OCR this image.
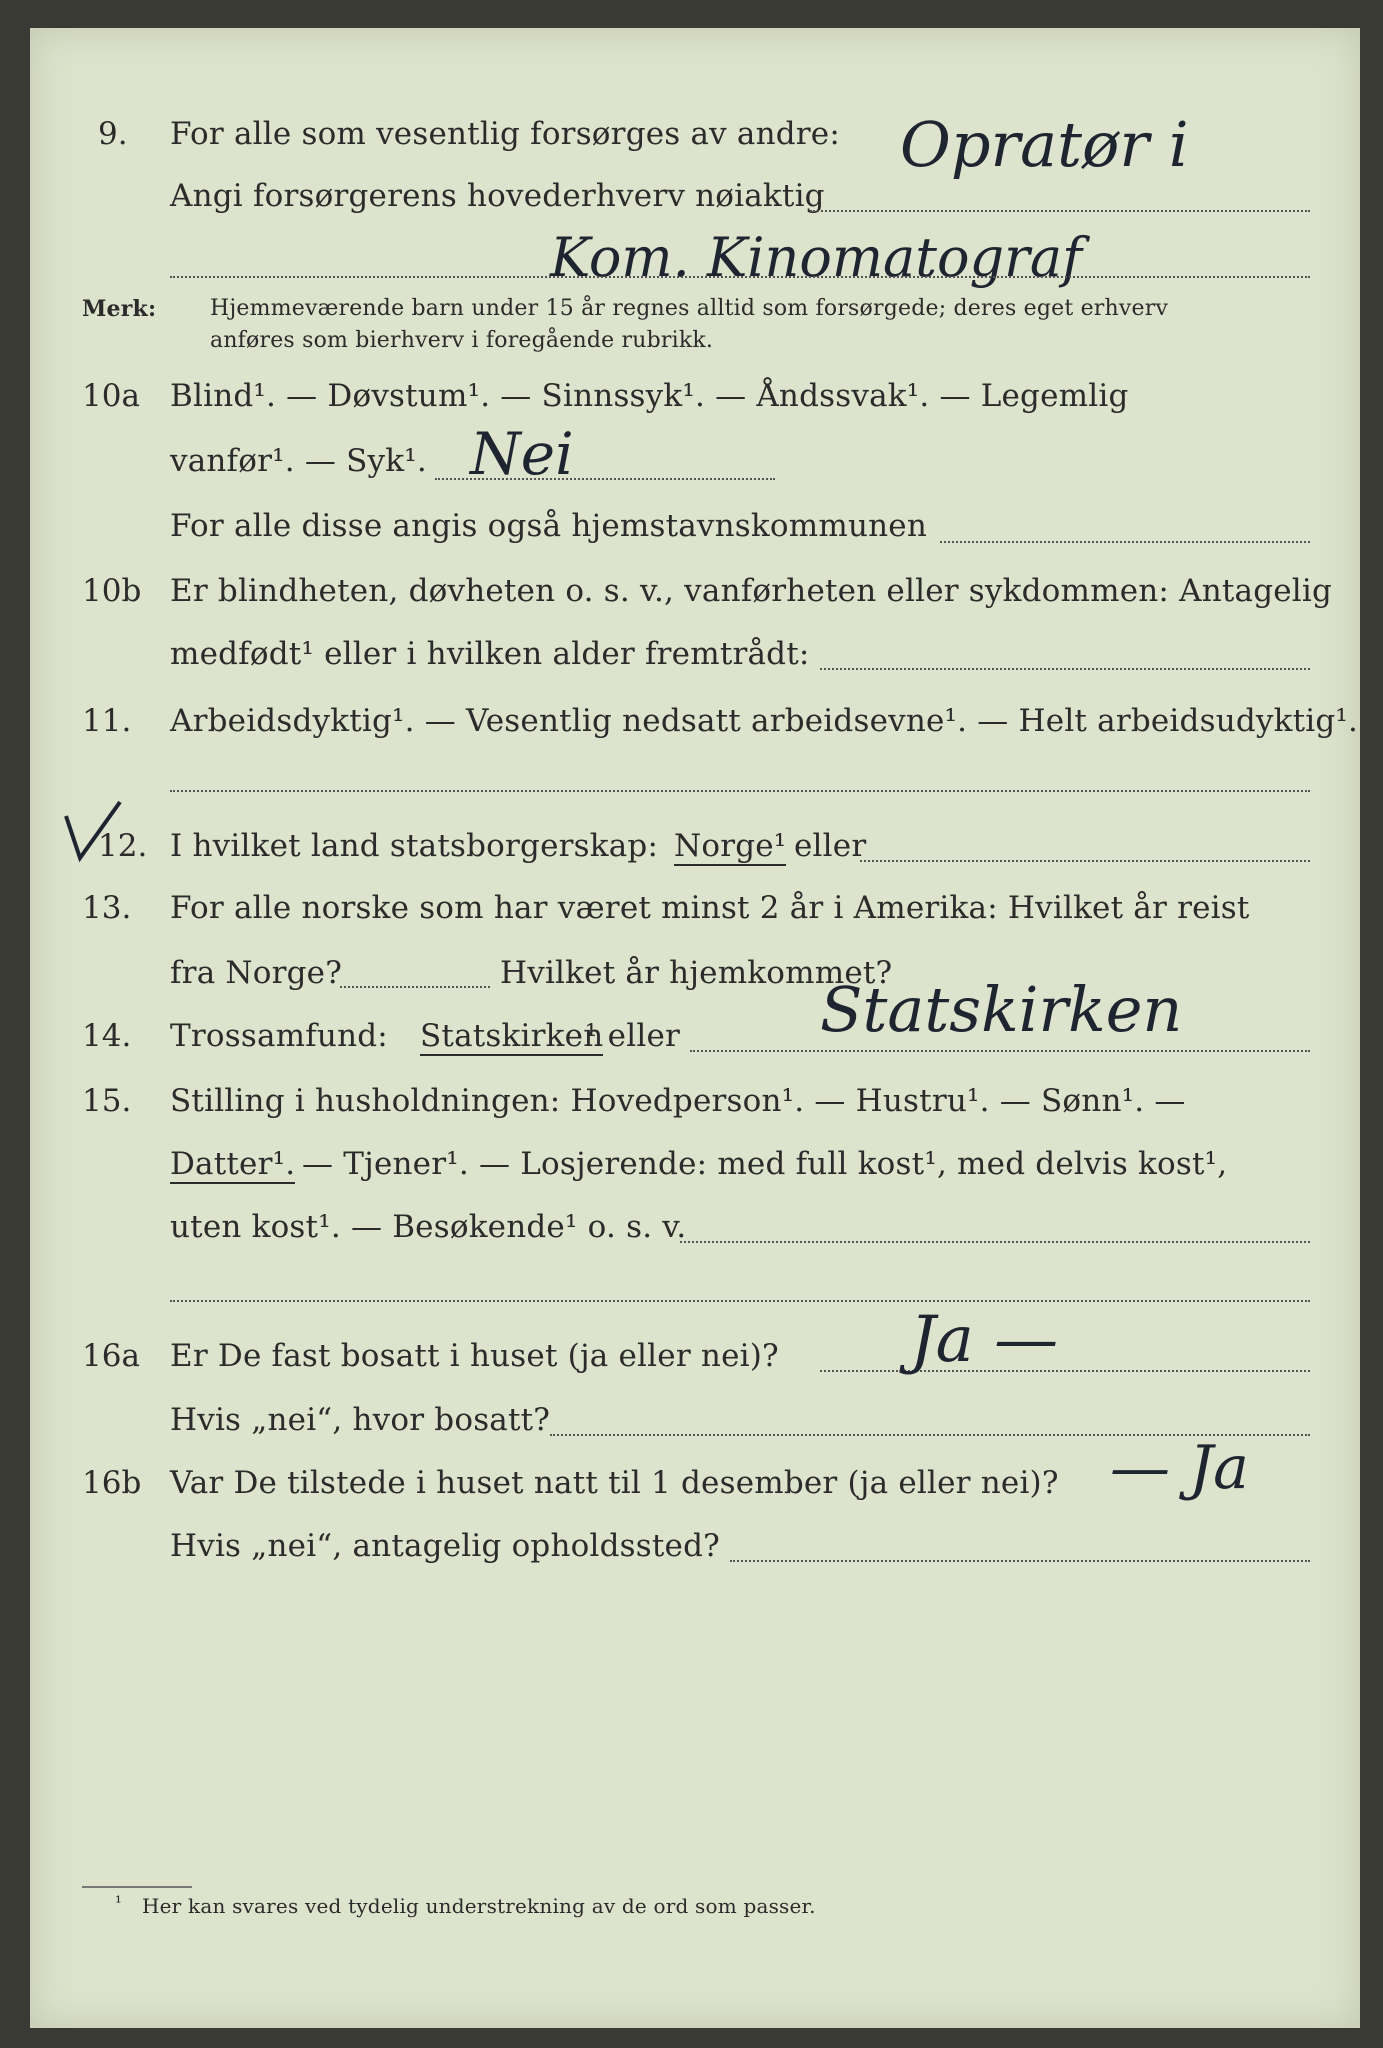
9. For alle som vesentlig forsørges av andre:
Angi forsørgerens hovederhverv nøiaktig
Opratør i
Kom. Kinomatograf
Merk: Hjemmeværende barn under 15 år regnes alltid som forsørgede; deres eget erhverv
anføres som bierhverv i foregående rubrikk.
10a Blind¹. — Døvstum¹. — Sinnssyk¹. — Åndssvak¹. — Legemlig
vanfør¹. — Syk¹. Nei
For alle disse angis også hjemstavnskommunen
10b Er blindheten, døvheten o. s. v., vanførheten eller sykdommen: Antagelig
medfødt¹ eller i hvilken alder fremtrådt:
11. Arbeidsdyktig¹. — Vesentlig nedsatt arbeidsevne¹. — Helt arbeidsudyktig¹.
12. I hvilket land statsborgerskap: Norge¹ eller
13. For alle norske som har været minst 2 år i Amerika: Hvilket år reist
fra Norge?	Hvilket år hjemkommet?
14. Trossamfund: Statskirken
¹ eller Statskirken
15. Stilling i husholdningen: Hovedperson¹. — Hustru¹. — Sønn¹. —
Datter¹. — Tjener¹. — Losjerende: med full kost¹, med delvis kost¹,
uten kost¹. — Besøkende¹ o. s. v.
16a Er De fast bosatt i huset (ja eller nei)? Ja —
Hvis „nei“, hvor bosatt?
16b Var De tilstede i huset natt til 1 desember (ja eller nei)? — Ja
Hvis „nei“, antagelig opholdssted?
¹ Her kan svares ved tydelig understrekning av de ord som passer.
